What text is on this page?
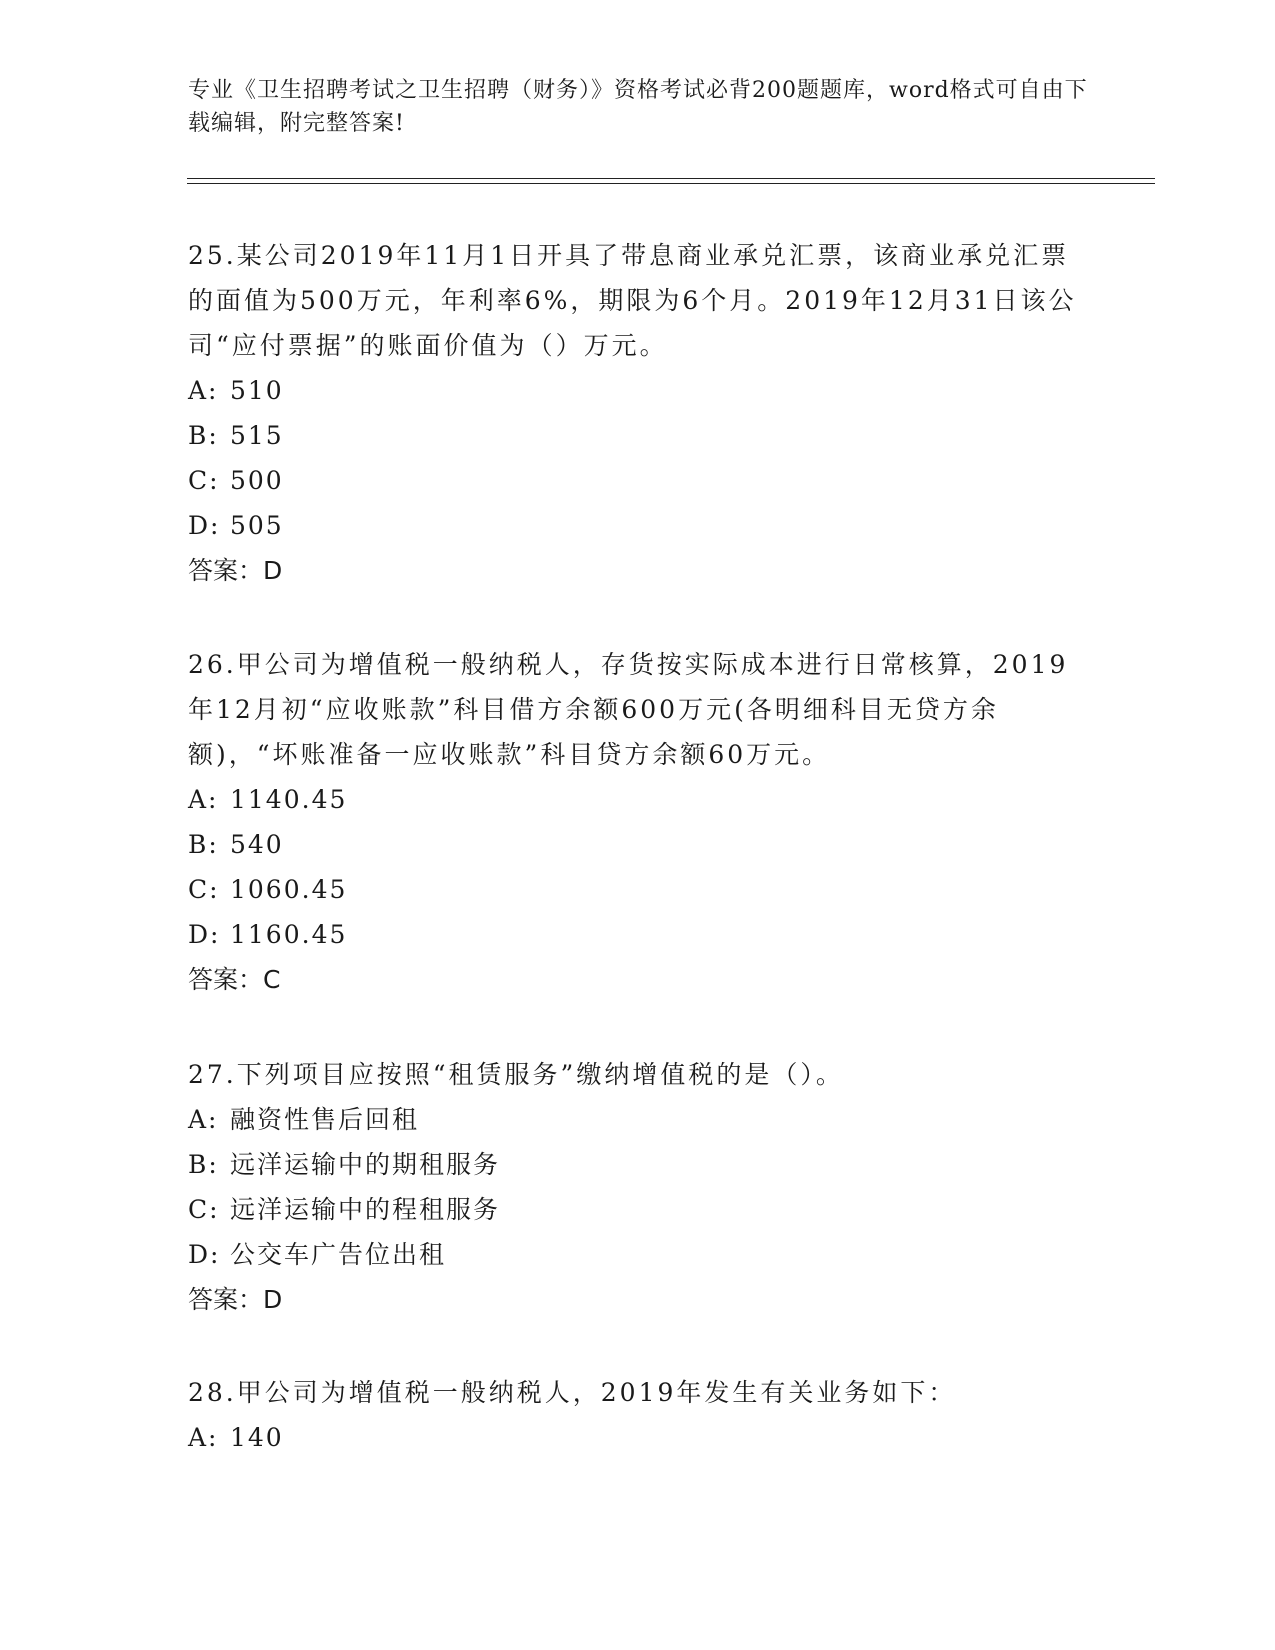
专业《卫生招聘考试之卫生招聘（财务）》资格考试必背200题题库，word格式可自由下载编辑，附完整答案!

25.某公司2019年11月1日开具了带息商业承兑汇票，该商业承兑汇票的面值为500万元，年利率6%，期限为6个月。2019年12月31日该公司“应付票据”的账面价值为（）万元。

A: 510

B: 515

C: 500

D: 505

答案：D

26.甲公司为增值税一般纳税人，存货按实际成本进行日常核算，2019年12月初“应收账款”科目借方余额600万元(各明细科目无贷方余额)，“坏账准备一应收账款”科目贷方余额60万元。

A: 1140.45

B: 540

C: 1060.45

D: 1160.45

答案：C

27.下列项目应按照“租赁服务”缴纳增值税的是（）。

A: 融资性售后回租

B: 远洋运输中的期租服务

C: 远洋运输中的程租服务

D: 公交车广告位出租

答案：D

28.甲公司为增值税一般纳税人，2019年发生有关业务如下：

A: 140
